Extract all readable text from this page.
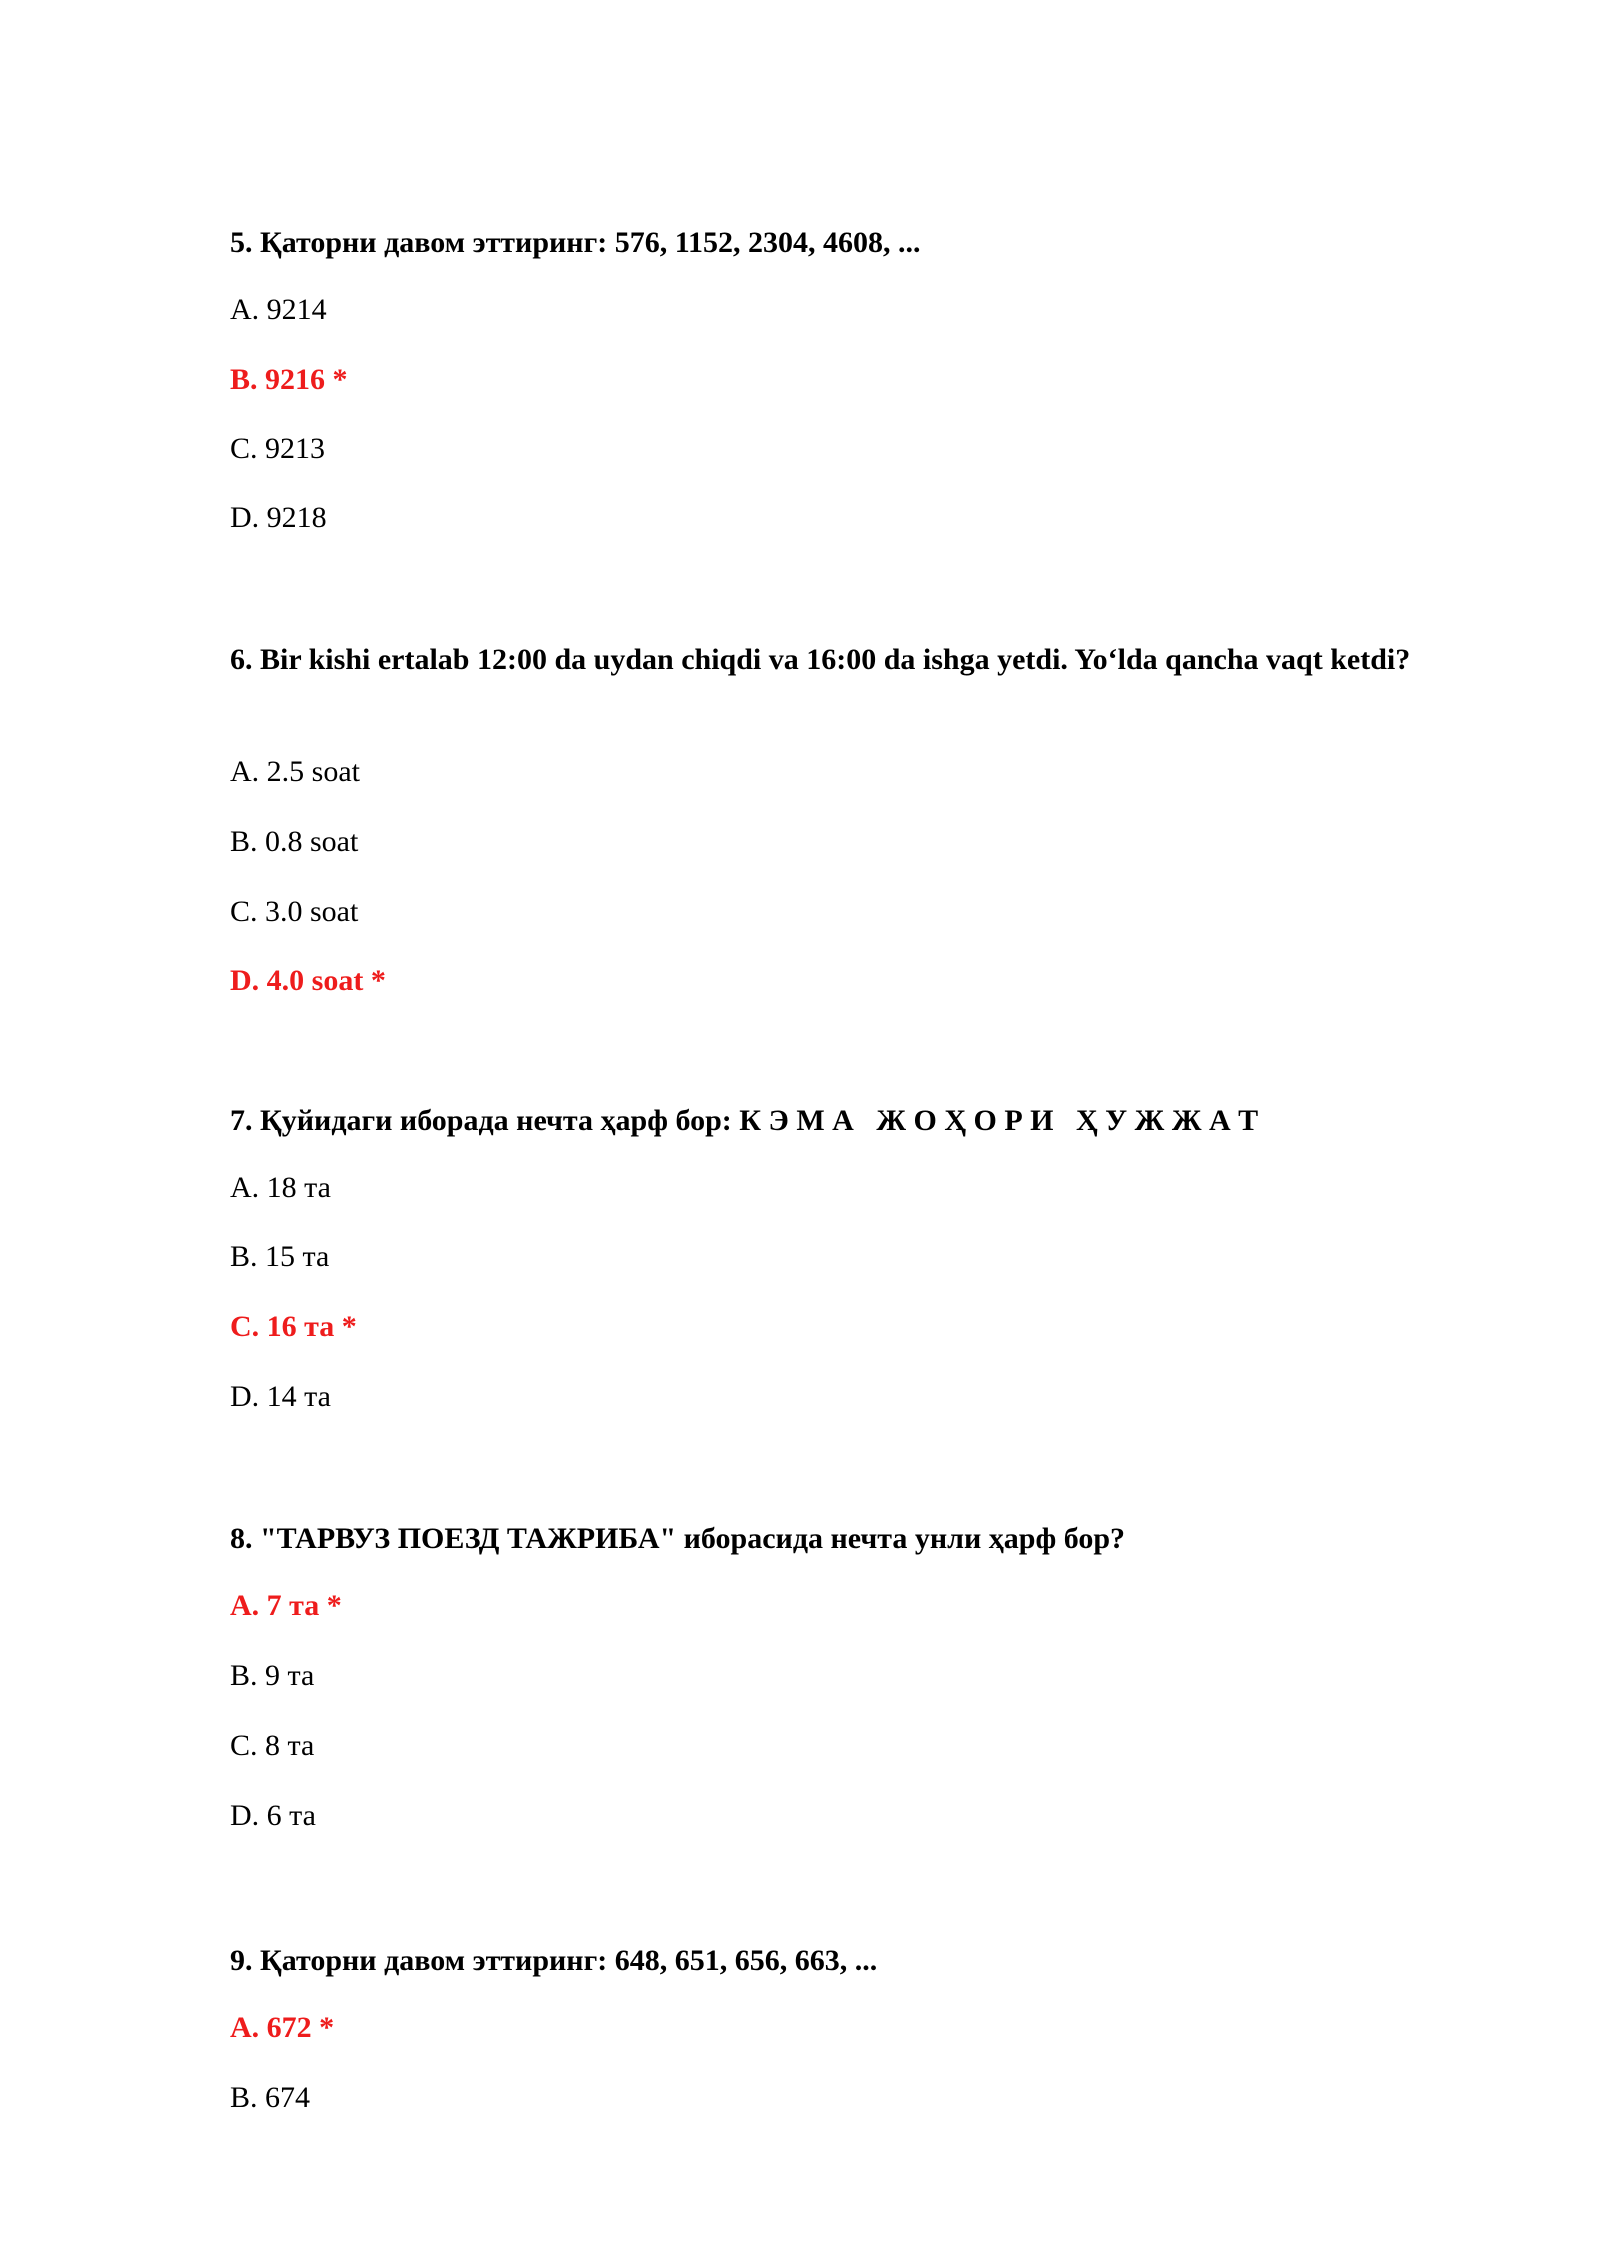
5. Қаторни давом эттиринг: 576, 1152, 2304, 4608, ...

A. 9214

B. 9216 *

C. 9213

D. 9218

6. Bir kishi ertalab 12:00 da uydan chiqdi va 16:00 da ishga yetdi. Yo‘lda qancha vaqt ketdi?

A. 2.5 soat

B. 0.8 soat

C. 3.0 soat

D. 4.0 soat *

7. Қуйидаги иборада нечта ҳарф бор: К Э М А   Ж О Ҳ О Р И   Ҳ У Ж Ж А Т

A. 18 та

B. 15 та

C. 16 та *

D. 14 та

8. "ТАРВУЗ ПОЕЗД ТАЖРИБА" иборасида нечта унли ҳарф бор?

A. 7 та *

B. 9 та

C. 8 та

D. 6 та

9. Қаторни давом эттиринг: 648, 651, 656, 663, ...

A. 672 *

B. 674
